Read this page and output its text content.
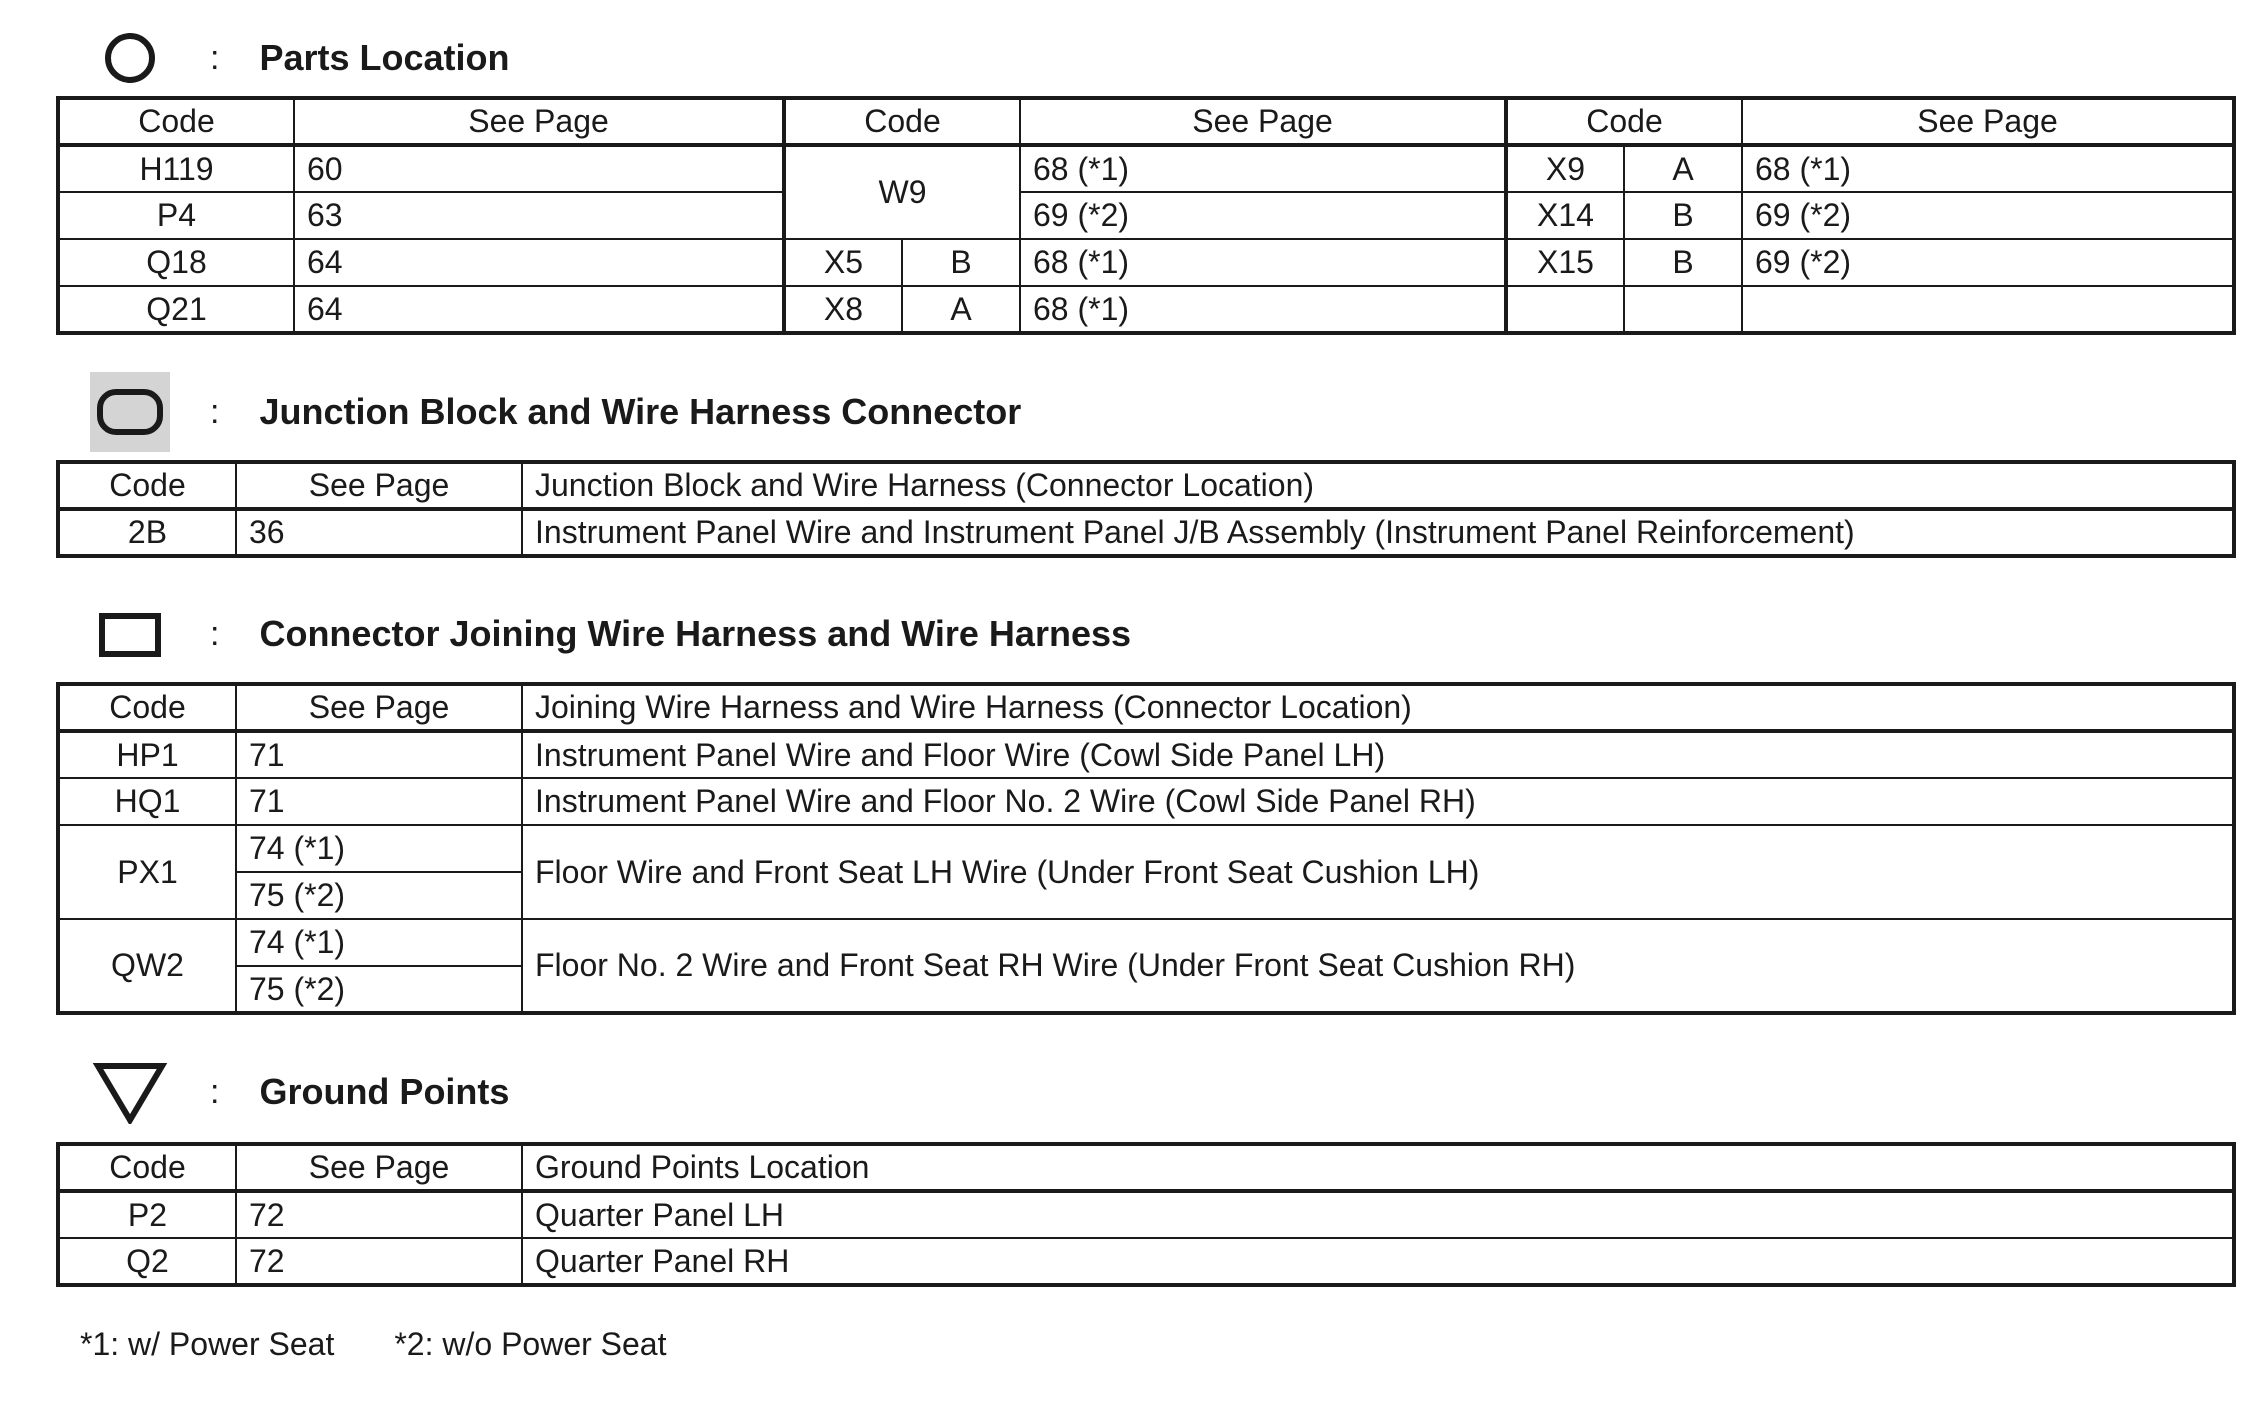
: Parts Location
Code	See Page	Code		See Page	Code		See Page
H119	60	W9		68 (*1)	X9	A	68 (*1)
P4	63			69 (*2)	X14	B	69 (*2)
Q18	64	X5	B	68 (*1)	X15	B	69 (*2)
Q21	64	X8	A	68 (*1)			
: Junction Block and Wire Harness Connector
Code	See Page	Junction Block and Wire Harness (Connector Location)
2B	36	Instrument Panel Wire and Instrument Panel J/B Assembly (Instrument Panel Reinforcement)
: Connector Joining Wire Harness and Wire Harness
Code	See Page	Joining Wire Harness and Wire Harness (Connector Location)
HP1	71	Instrument Panel Wire and Floor Wire (Cowl Side Panel LH)
HQ1	71	Instrument Panel Wire and Floor No. 2 Wire (Cowl Side Panel RH)
PX1	74 (*1)	Floor Wire and Front Seat LH Wire (Under Front Seat Cushion LH)
	75 (*2)	
QW2	74 (*1)	Floor No. 2 Wire and Front Seat RH Wire (Under Front Seat Cushion RH)
	75 (*2)	
: Ground Points
Code	See Page	Ground Points Location
P2	72	Quarter Panel LH
Q2	72	Quarter Panel RH
*1: w/ Power Seat *2: w/o Power Seat
